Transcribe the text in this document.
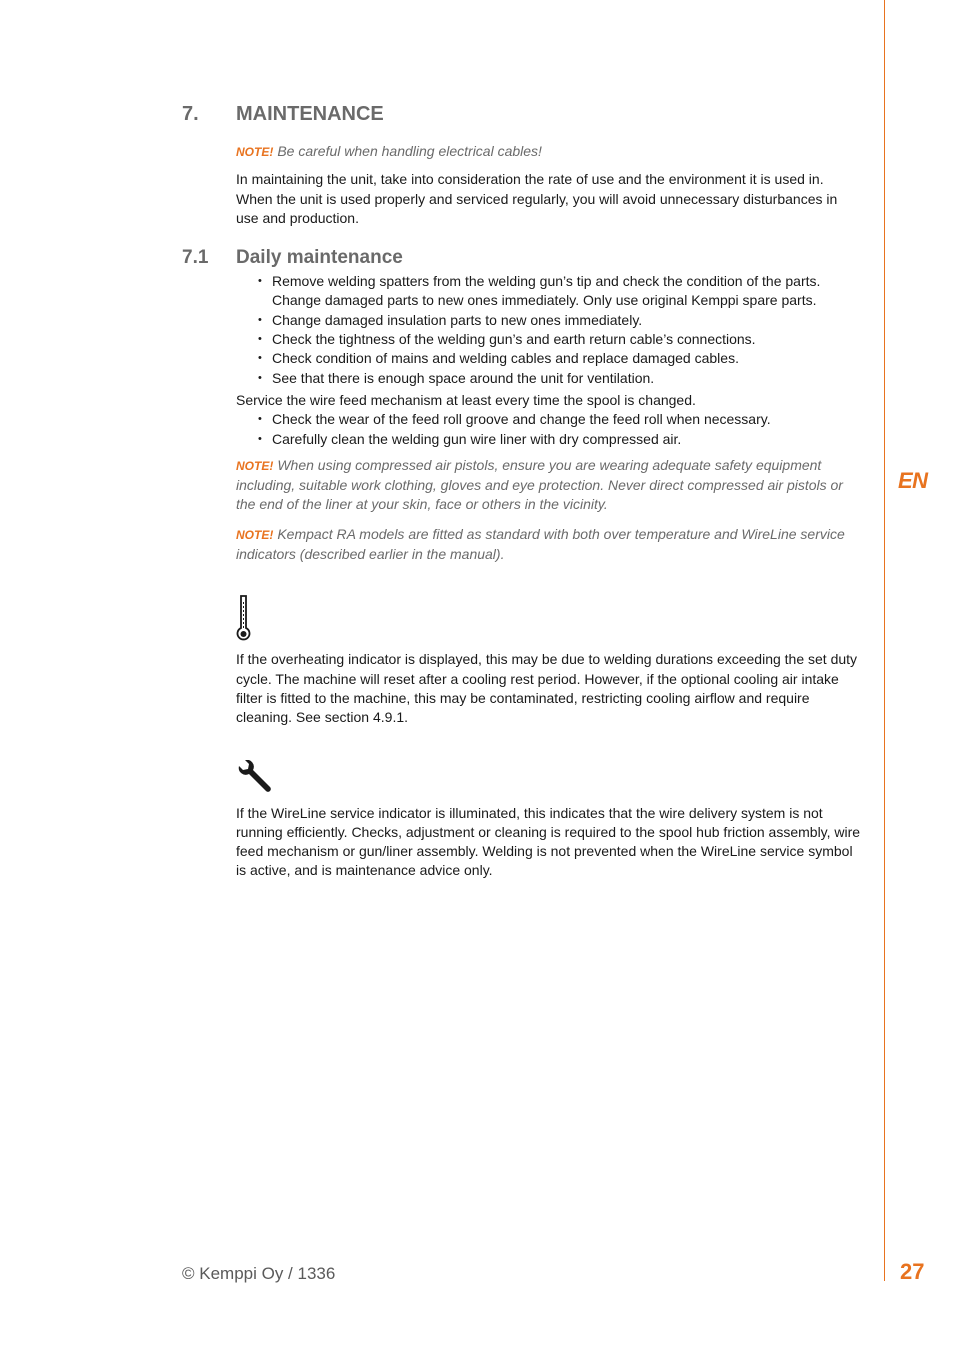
EN
7.	MAINTENANCE

NOTE! Be careful when handling electrical cables!

In maintaining the unit, take into consideration the rate of use and the environment it is used in. When the unit is used properly and serviced regularly, you will avoid unnecessary disturbances in use and production.

7.1	Daily maintenance
• Remove welding spatters from the welding gun’s tip and check the condition of the parts. Change damaged parts to new ones immediately. Only use original Kemppi spare parts.
• Change damaged insulation parts to new ones immediately.
• Check the tightness of the welding gun’s and earth return cable’s connections.
• Check condition of mains and welding cables and replace damaged cables.
• See that there is enough space around the unit for ventilation.

Service the wire feed mechanism at least every time the spool is changed.

• Check the wear of the feed roll groove and change the feed roll when necessary.
• Carefully clean the welding gun wire liner with dry compressed air.

NOTE! When using compressed air pistols, ensure you are wearing adequate safety equipment including, suitable work clothing, gloves and eye protection. Never direct compressed air pistols or the end of the liner at your skin, face or others in the vicinity.

NOTE! Kempact RA models are fitted as standard with both over temperature and WireLine service indicators (described earlier in the manual).

If the overheating indicator is displayed, this may be due to welding durations exceeding the set duty cycle. The machine will reset after a cooling rest period. However, if the optional cooling air intake filter is fitted to the machine, this may be contaminated, restricting cooling airflow and require cleaning. See section 4.9.1.

If the WireLine service indicator is illuminated, this indicates that the wire delivery system is not running efficiently. Checks, adjustment or cleaning is required to the spool hub friction assembly, wire feed mechanism or gun/liner assembly. Welding is not prevented when the WireLine service symbol is active, and is maintenance advice only.

© Kemppi Oy / 1336	27
